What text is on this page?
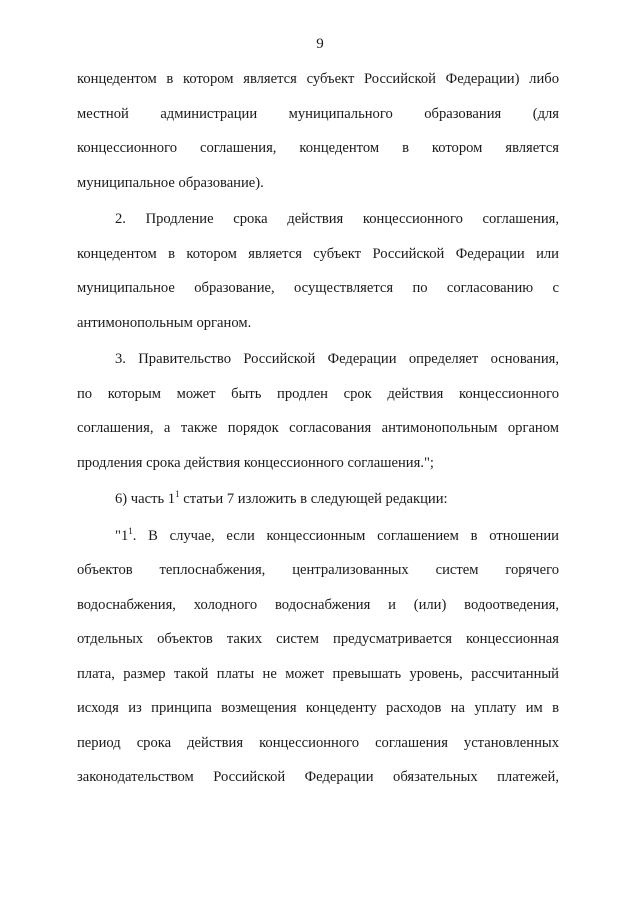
9
концедентом в котором является субъект Российской Федерации) либо
местной администрации муниципального образования (для
концессионного соглашения, концедентом в котором является
муниципальное образование).
2. Продление срока действия концессионного соглашения,
концедентом в котором является субъект Российской Федерации или
муниципальное образование, осуществляется по согласованию с
антимонопольным органом.
3. Правительство Российской Федерации определяет основания,
по которым может быть продлен срок действия концессионного
соглашения, а также порядок согласования антимонопольным органом
продления срока действия концессионного соглашения.";
6) часть $1^1$ статьи 7 изложить в следующей редакции:
"$1^1$. В случае, если концессионным соглашением в отношении
объектов теплоснабжения, централизованных систем горячего
водоснабжения, холодного водоснабжения и (или) водоотведения,
отдельных объектов таких систем предусматривается концессионная
плата, размер такой платы не может превышать уровень, рассчитанный
исходя из принципа возмещения концеденту расходов на уплату им в
период срока действия концессионного соглашения установленных
законодательством Российской Федерации обязательных платежей,
